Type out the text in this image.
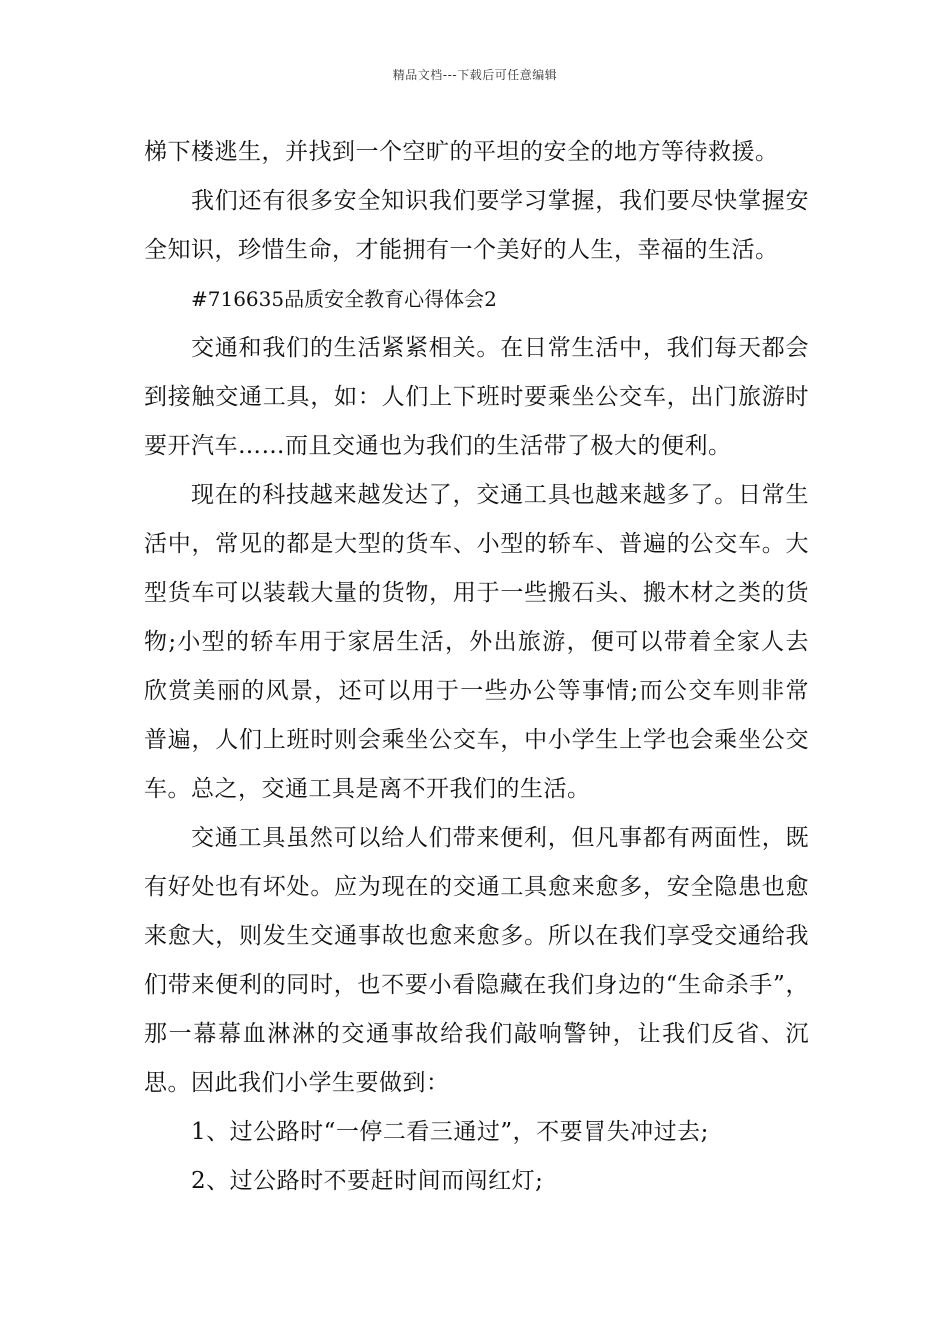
精品文档---下载后可任意编辑

梯下楼逃生，并找到一个空旷的平坦的安全的地方等待救援。

我们还有很多安全知识我们要学习掌握，我们要尽快掌握安全知识，珍惜生命，才能拥有一个美好的人生，幸福的生活。

#716635品质安全教育心得体会2

交通和我们的生活紧紧相关。在日常生活中，我们每天都会到接触交通工具，如：人们上下班时要乘坐公交车，出门旅游时要开汽车……而且交通也为我们的生活带了极大的便利。

现在的科技越来越发达了，交通工具也越来越多了。日常生活中，常见的都是大型的货车、小型的轿车、普遍的公交车。大型货车可以装载大量的货物，用于一些搬石头、搬木材之类的货物;小型的轿车用于家居生活，外出旅游，便可以带着全家人去欣赏美丽的风景，还可以用于一些办公等事情;而公交车则非常普遍，人们上班时则会乘坐公交车，中小学生上学也会乘坐公交车。总之，交通工具是离不开我们的生活。

交通工具虽然可以给人们带来便利，但凡事都有两面性，既有好处也有坏处。应为现在的交通工具愈来愈多，安全隐患也愈来愈大，则发生交通事故也愈来愈多。所以在我们享受交通给我们带来便利的同时，也不要小看隐藏在我们身边的“生命杀手”，那一幕幕血淋淋的交通事故给我们敲响警钟，让我们反省、沉思。因此我们小学生要做到：

1、过公路时“一停二看三通过”，不要冒失冲过去;

2、过公路时不要赶时间而闯红灯;
